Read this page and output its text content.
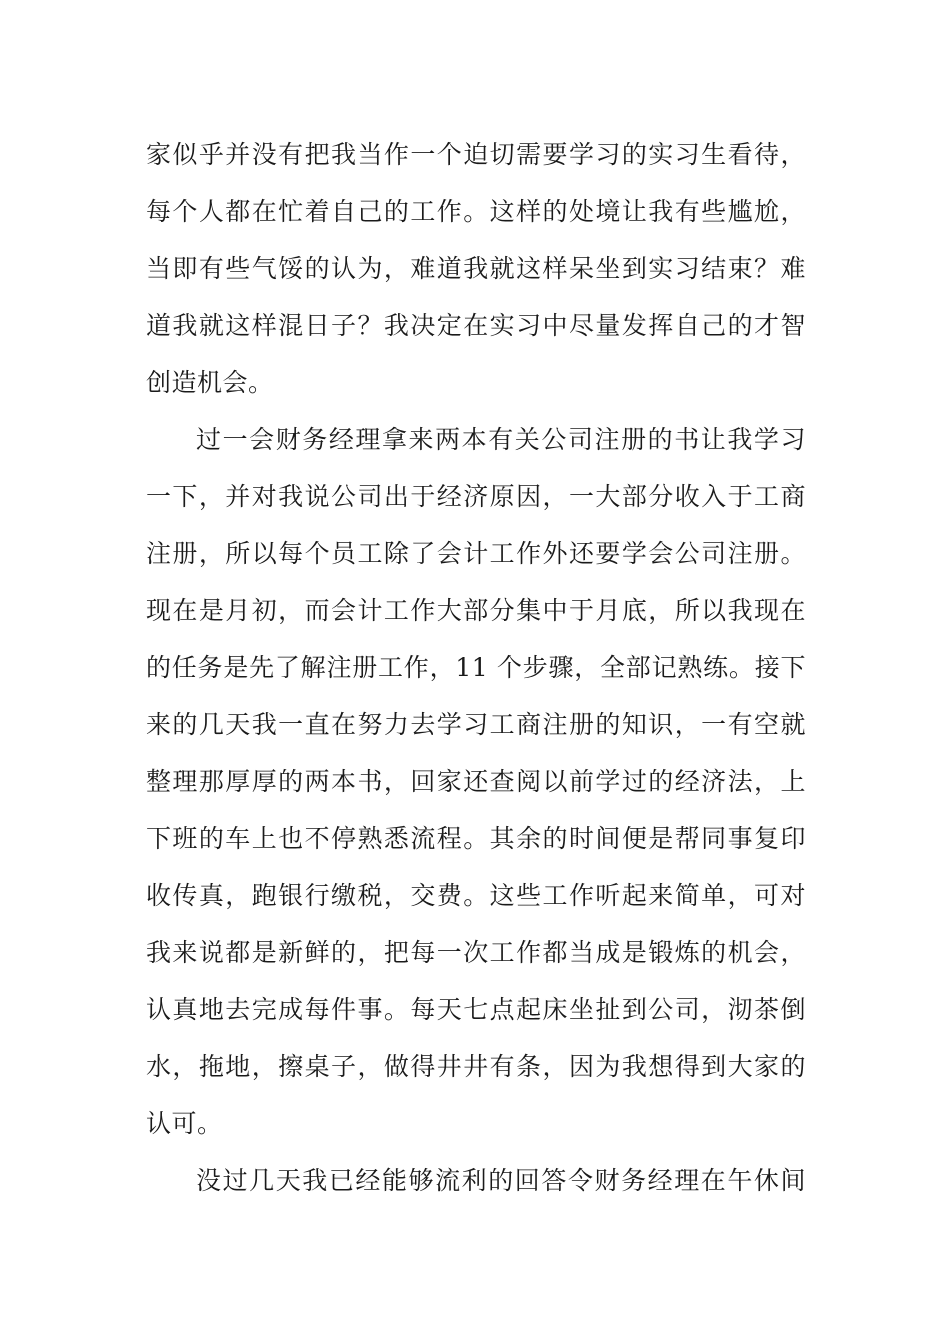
家似乎并没有把我当作一个迫切需要学习的实习生看待，
每个人都在忙着自己的工作。这样的处境让我有些尴尬，
当即有些气馁的认为，难道我就这样呆坐到实习结束？难
道我就这样混日子？我决定在实习中尽量发挥自己的才智
创造机会。
过一会财务经理拿来两本有关公司注册的书让我学习
一下，并对我说公司出于经济原因，一大部分收入于工商
注册，所以每个员工除了会计工作外还要学会公司注册。
现在是月初，而会计工作大部分集中于月底，所以我现在
的任务是先了解注册工作，11 个步骤，全部记熟练。接下
来的几天我一直在努力去学习工商注册的知识，一有空就
整理那厚厚的两本书，回家还查阅以前学过的经济法，上
下班的车上也不停熟悉流程。其余的时间便是帮同事复印
收传真，跑银行缴税，交费。这些工作听起来简单，可对
我来说都是新鲜的，把每一次工作都当成是锻炼的机会，
认真地去完成每件事。每天七点起床坐扯到公司，沏茶倒
水，拖地，擦桌子，做得井井有条，因为我想得到大家的
认可。
没过几天我已经能够流利的回答令财务经理在午休间
